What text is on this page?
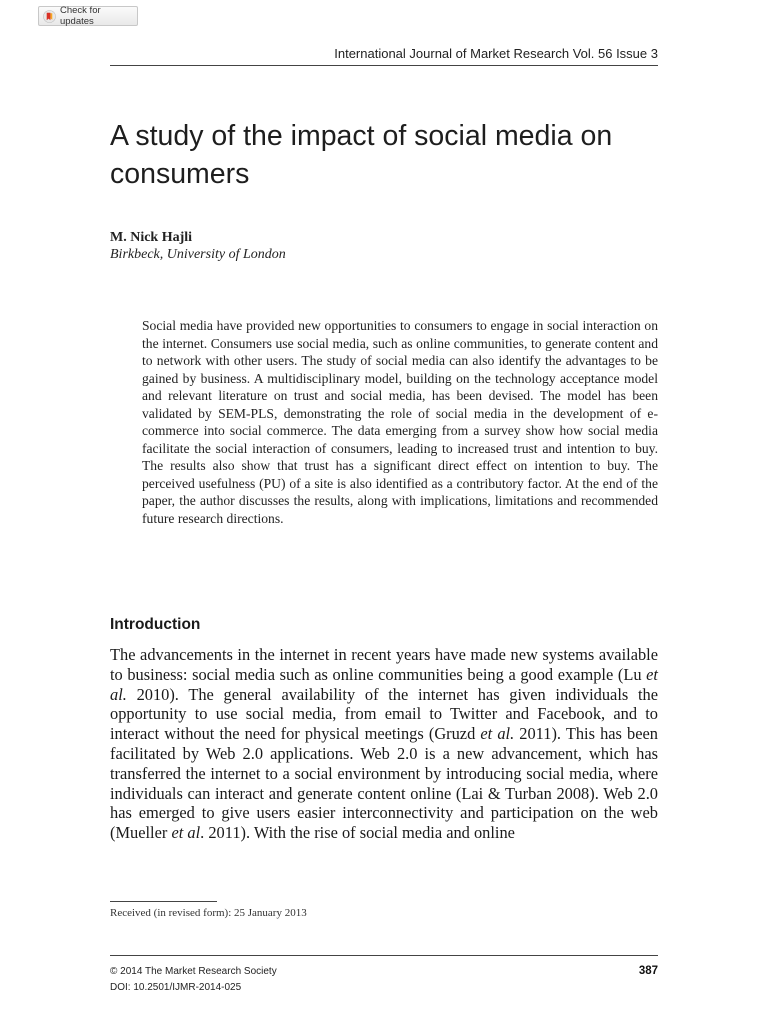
Check for updates
International Journal of Market Research Vol. 56 Issue 3
A study of the impact of social media on consumers
M. Nick Hajli
Birkbeck, University of London

Social media have provided new opportunities to consumers to engage in social interaction on the internet. Consumers use social media, such as online communities, to generate content and to network with other users. The study of social media can also identify the advantages to be gained by business. A multidisciplinary model, building on the technology acceptance model and relevant literature on trust and social media, has been devised. The model has been validated by SEM-PLS, demonstrating the role of social media in the development of e-commerce into social commerce. The data emerging from a survey show how social media facilitate the social interaction of consumers, leading to increased trust and intention to buy. The results also show that trust has a significant direct effect on intention to buy. The perceived usefulness (PU) of a site is also identified as a contributory factor. At the end of the paper, the author discusses the results, along with implications, limitations and recommended future research directions.

Introduction

The advancements in the internet in recent years have made new systems available to business: social media such as online communities being a good example (Lu et al. 2010). The general availability of the internet has given individuals the opportunity to use social media, from email to Twitter and Facebook, and to interact without the need for physical meetings (Gruzd et al. 2011). This has been facilitated by Web 2.0 applications. Web 2.0 is a new advancement, which has transferred the internet to a social environment by introducing social media, where individuals can interact and generate content online (Lai & Turban 2008). Web 2.0 has emerged to give users easier interconnectivity and participation on the web (Mueller et al. 2011). With the rise of social media and online

Received (in revised form): 25 January 2013
© 2014 The Market Research Society
DOI: 10.2501/IJMR-2014-025
387
